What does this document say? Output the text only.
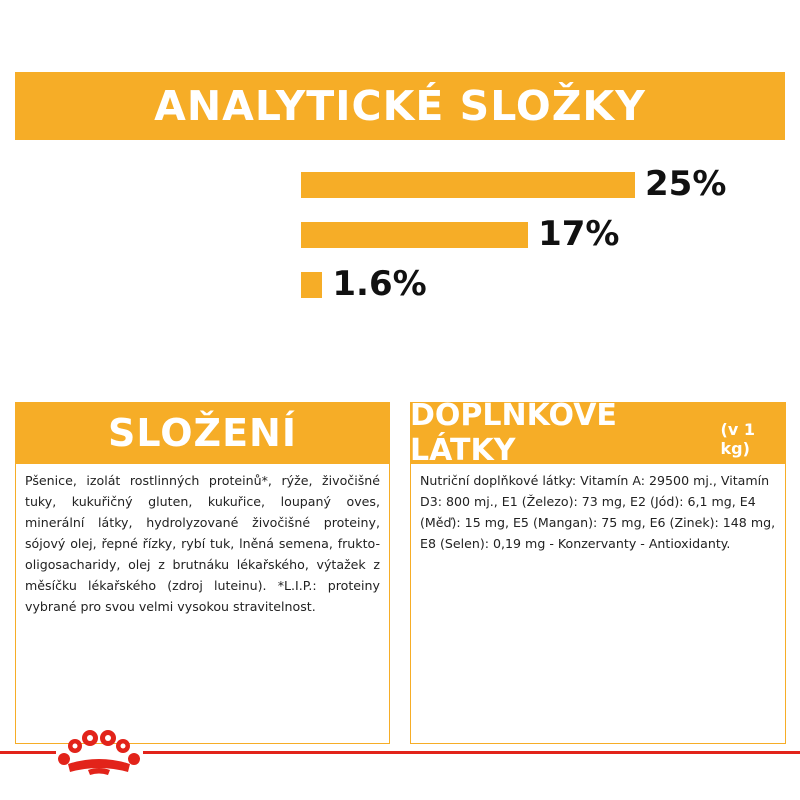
ANALYTICKÉ SLOŽKY
25%
17%
1.6%
SLOŽENÍ
Pšenice, izolát rostlinných proteinů*, rýže, živočišné tuky, kukuřičný gluten, kukuřice, loupaný oves, minerální látky, hydrolyzované živočišné proteiny, sójový olej, řepné řízky, rybí tuk, lněná semena, frukto-oligosacharidy, olej z brutnáku lékařského, výtažek z měsíčku lékařského (zdroj luteinu). *L.I.P.: proteiny vybrané pro svou velmi vysokou stravitelnost.
DOPLŇKOVÉ LÁTKY
(v 1 kg)
Nutriční doplňkové látky: Vitamín A: 29500 mj., Vitamín D3: 800 mj., E1 (Železo): 73 mg, E2 (Jód): 6,1 mg, E4 (Měď): 15 mg, E5 (Mangan): 75 mg, E6 (Zinek): 148 mg, E8 (Selen): 0,19 mg - Konzervanty - Antioxidanty.
